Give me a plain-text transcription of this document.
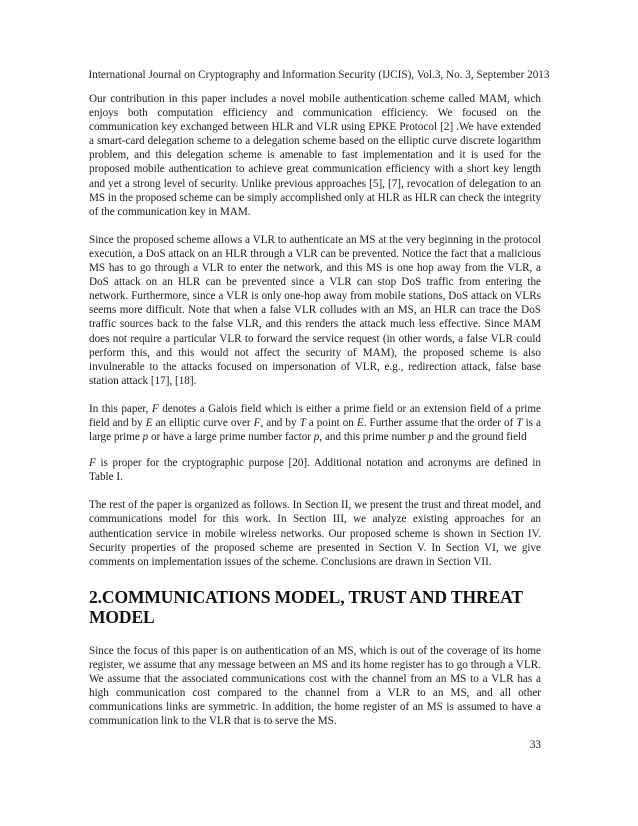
International Journal on Cryptography and Information Security (IJCIS), Vol.3, No. 3, September 2013

Our contribution in this paper includes a novel mobile authentication scheme called MAM, which enjoys both computation efficiency and communication efficiency. We focused on the communication key exchanged between HLR and VLR using EPKE Protocol [2] .We have extended a smart-card delegation scheme to a delegation scheme based on the elliptic curve discrete logarithm problem, and this delegation scheme is amenable to fast implementation and it is used for the proposed mobile authentication to achieve great communication efficiency with a short key length and yet a strong level of security. Unlike previous approaches [5], [7], revocation of delegation to an MS in the proposed scheme can be simply accomplished only at HLR as HLR can check the integrity of the communication key in MAM.

Since the proposed scheme allows a VLR to authenticate an MS at the very beginning in the protocol execution, a DoS attack on an HLR through a VLR can be prevented. Notice the fact that a malicious MS has to go through a VLR to enter the network, and this MS is one hop away from the VLR, a DoS attack on an HLR can be prevented since a VLR can stop DoS traffic from entering the network. Furthermore, since a VLR is only one-hop away from mobile stations, DoS attack on VLRs seems more difficult. Note that when a false VLR colludes with an MS, an HLR can trace the DoS traffic sources back to the false VLR, and this renders the attack much less effective. Since MAM does not require a particular VLR to forward the service request (in other words, a false VLR could perform this, and this would not affect the security of MAM), the proposed scheme is also invulnerable to the attacks focused on impersonation of VLR, e.g., redirection attack, false base station attack [17], [18].

In this paper, F denotes a Galois field which is either a prime field or an extension field of a prime field and by E an elliptic curve over F, and by T a point on E. Further assume that the order of T is a large prime p or have a large prime number factor p, and this prime number p and the ground field

F is proper for the cryptographic purpose [20]. Additional notation and acronyms are defined in Table I.

The rest of the paper is organized as follows. In Section II, we present the trust and threat model, and communications model for this work. In Section III, we analyze existing approaches for an authentication service in mobile wireless networks. Our proposed scheme is shown in Section IV. Security properties of the proposed scheme are presented in Section V. In Section VI, we give comments on implementation issues of the scheme. Conclusions are drawn in Section VII.

2.COMMUNICATIONS MODEL, TRUST AND THREAT MODEL

Since the focus of this paper is on authentication of an MS, which is out of the coverage of its home register, we assume that any message between an MS and its home register has to go through a VLR. We assume that the associated communications cost with the channel from an MS to a VLR has a high communication cost compared to the channel from a VLR to an MS, and all other communications links are symmetric. In addition, the home register of an MS is assumed to have a communication link to the VLR that is to serve the MS.

33
